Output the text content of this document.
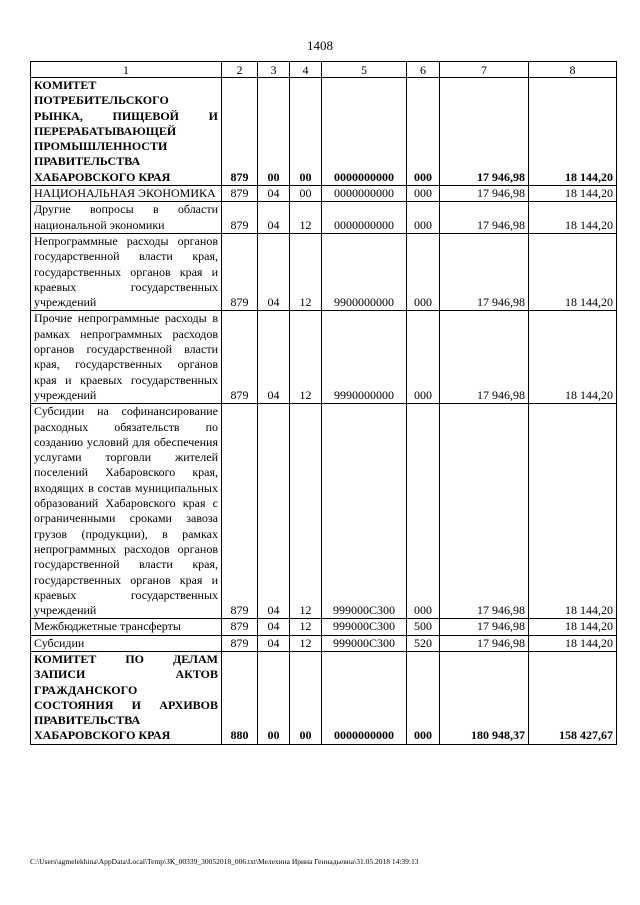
1408
1	2	3	4	5	6	7	8
КОМИТЕТ ПОТРЕБИТЕЛЬСКОГО РЫНКА, ПИЩЕВОЙ И ПЕРЕРАБАТЫВАЮЩЕЙ ПРОМЫШЛЕННОСТИ ПРАВИТЕЛЬСТВА ХАБАРОВСКОГО КРАЯ	879	00	00	0000000000	000	17 946,98	18 144,20
НАЦИОНАЛЬНАЯ ЭКОНОМИКА	879	04	00	0000000000	000	17 946,98	18 144,20
Другие вопросы в области национальной экономики	879	04	12	0000000000	000	17 946,98	18 144,20
Непрограммные расходы органов государственной власти края, государственных органов края и краевых государственных учреждений	879	04	12	9900000000	000	17 946,98	18 144,20
Прочие непрограммные расходы в рамках непрограммных расходов органов государственной власти края, государственных органов края и краевых государственных учреждений	879	04	12	9990000000	000	17 946,98	18 144,20
Субсидии на софинансирование расходных обязательств по созданию условий для обеспечения услугами торговли жителей поселений Хабаровского края, входящих в состав муниципальных образований Хабаровского края с ограниченными сроками завоза грузов (продукции), в рамках непрограммных расходов органов государственной власти края, государственных органов края и краевых государственных учреждений	879	04	12	999000С300	000	17 946,98	18 144,20
Межбюджетные трансферты	879	04	12	999000С300	500	17 946,98	18 144,20
Субсидии	879	04	12	999000С300	520	17 946,98	18 144,20
КОМИТЕТ ПО ДЕЛАМ ЗАПИСИ АКТОВ ГРАЖДАНСКОГО СОСТОЯНИЯ И АРХИВОВ ПРАВИТЕЛЬСТВА ХАБАРОВСКОГО КРАЯ	880	00	00	0000000000	000	180 948,37	158 427,67
C:\Users\agmelekhina\AppData\Local\Temp\ЗК_00339_30052018_006.txt\Мелехина Ирина Геннадьевна\31.05.2018 14:39:13
